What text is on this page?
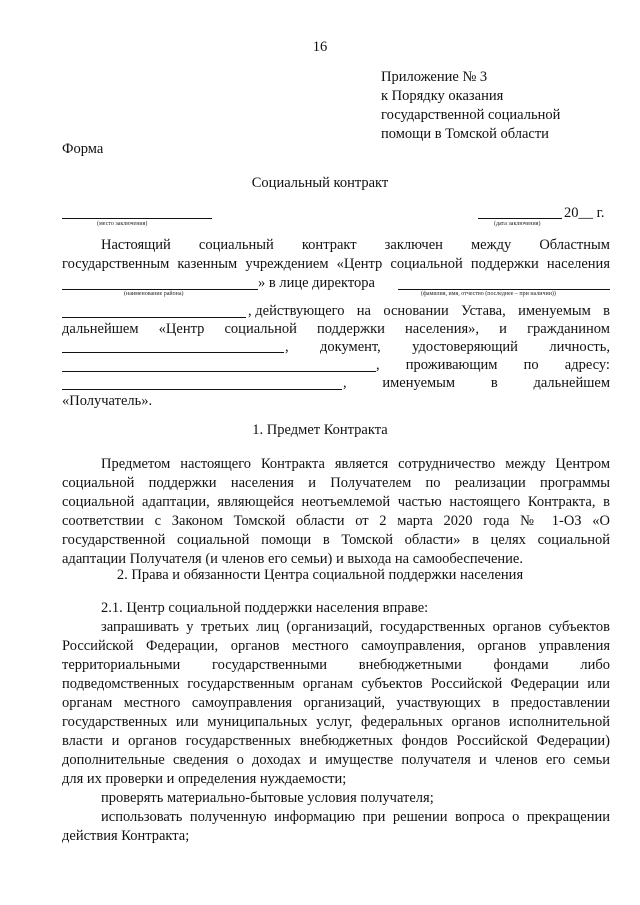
16
Приложение № 3
к Порядку оказания
государственной социальной
помощи в Томской области
Форма
Социальный контракт
(место заключения)
20__ г.
(дата заключения)
Настоящий социальный контракт заключен между Областным
государственным казенным учреждением «Центр социальной поддержки населения
» в лице директора
(наименование района)	(фамилия, имя, отчество (последнее – при наличии))
, действующего на основании Устава, именуемым в
дальнейшем «Центр социальной поддержки населения», и гражданином
, документ, удостоверяющий личность,
, проживающим по адресу:
, именуемым в дальнейшем
«Получатель».
1. Предмет Контракта
Предметом настоящего Контракта является сотрудничество между Центром
социальной поддержки населения и Получателем по реализации программы
социальной адаптации, являющейся неотъемлемой частью настоящего Контракта, в
соответствии с Законом Томской области от 2 марта 2020 года № 1-ОЗ «О
государственной социальной помощи в Томской области» в целях социальной
адаптации Получателя (и членов его семьи) и выхода на самообеспечение.
2. Права и обязанности Центра социальной поддержки населения
2.1. Центр социальной поддержки населения вправе:
запрашивать у третьих лиц (организаций, государственных органов субъектов
Российской Федерации, органов местного самоуправления, органов управления
территориальными государственными внебюджетными фондами либо
подведомственных государственным органам субъектов Российской Федерации или
органам местного самоуправления организаций, участвующих в предоставлении
государственных или муниципальных услуг, федеральных органов исполнительной
власти и органов государственных внебюджетных фондов Российской Федерации)
дополнительные сведения о доходах и имуществе получателя и членов его семьи
для их проверки и определения нуждаемости;
проверять материально-бытовые условия получателя;
использовать полученную информацию при решении вопроса о прекращении
действия Контракта;
